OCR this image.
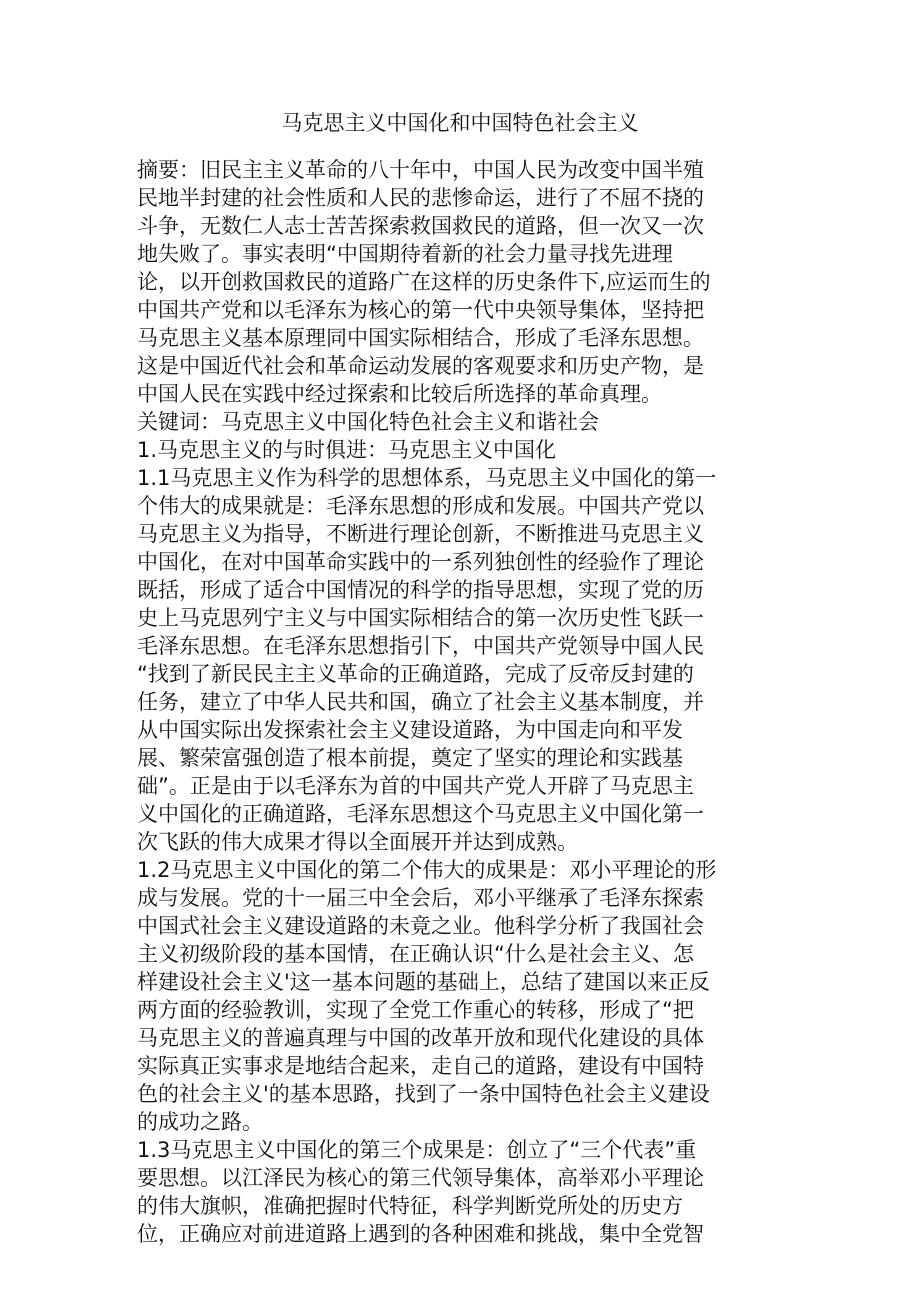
马克思主义中国化和中国特色社会主义
摘要：旧民主主义革命的八十年中，中国人民为改变中国半殖
民地半封建的社会性质和人民的悲惨命运，进行了不屈不挠的
斗争，无数仁人志士苦苦探索救国救民的道路，但一次又一次
地失败了。事实表明“中国期待着新的社会力量寻找先进理
论，以开创救国救民的道路广在这样的历史条件下,应运而生的
中国共产党和以毛泽东为核心的第一代中央领导集体，坚持把
马克思主义基本原理同中国实际相结合，形成了毛泽东思想。
这是中国近代社会和革命运动发展的客观要求和历史产物，是
中国人民在实践中经过探索和比较后所选择的革命真理。
关键词：马克思主义中国化特色社会主义和谐社会
1.马克思主义的与时俱进：马克思主义中国化
1.1马克思主义作为科学的思想体系，马克思主义中国化的第一
个伟大的成果就是：毛泽东思想的形成和发展。中国共产党以
马克思主义为指导，不断进行理论创新，不断推进马克思主义
中国化，在对中国革命实践中的一系列独创性的经验作了理论
既括，形成了适合中国情况的科学的指导思想，实现了党的历
史上马克思列宁主义与中国实际相结合的第一次历史性飞跃一
毛泽东思想。在毛泽东思想指引下，中国共产党领导中国人民
“找到了新民民主主义革命的正确道路，完成了反帝反封建的
任务，建立了中华人民共和国，确立了社会主义基本制度，并
从中国实际出发探索社会主义建设道路，为中国走向和平发
展、繁荣富强创造了根本前提，奠定了坚实的理论和实践基
础”。正是由于以毛泽东为首的中国共产党人开辟了马克思主
义中国化的正确道路，毛泽东思想这个马克思主义中国化第一
次飞跃的伟大成果才得以全面展开并达到成熟。
1.2马克思主义中国化的第二个伟大的成果是：邓小平理论的形
成与发展。党的十一届三中全会后，邓小平继承了毛泽东探索
中国式社会主义建设道路的未竟之业。他科学分析了我国社会
主义初级阶段的基本国情，在正确认识“什么是社会主义、怎
样建设社会主义'这一基本问题的基础上，总结了建国以来正反
两方面的经验教训，实现了全党工作重心的转移，形成了“把
马克思主义的普遍真理与中国的改革开放和现代化建设的具体
实际真正实事求是地结合起来，走自己的道路，建设有中国特
色的社会主义'的基本思路，找到了一条中国特色社会主义建设
的成功之路。
1.3马克思主义中国化的第三个成果是：创立了“三个代表”重
要思想。以江泽民为核心的第三代领导集体，高举邓小平理论
的伟大旗帜，准确把握时代特征，科学判断党所处的历史方
位，正确应对前进道路上遇到的各种困难和挑战，集中全党智
